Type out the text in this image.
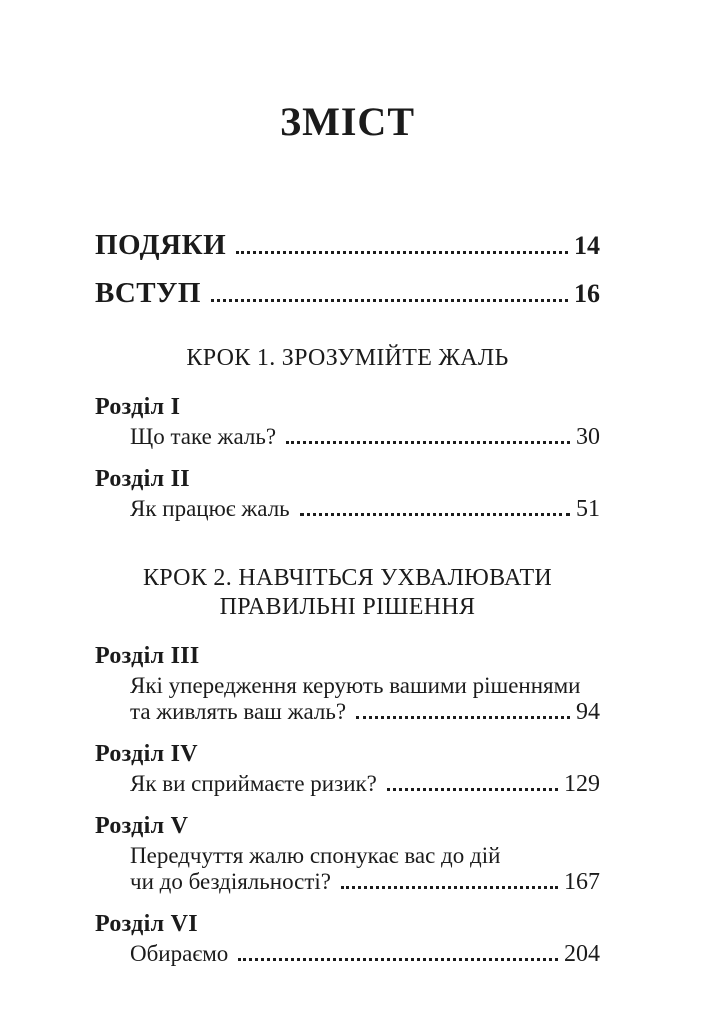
ЗМІСТ
ПОДЯКИ	14
ВСТУП	16
КРОК 1. ЗРОЗУМІЙТЕ ЖАЛЬ
Розділ I
Що таке жаль?	30
Розділ II
Як працює жаль	51
КРОК 2. НАВЧІТЬСЯ УХВАЛЮВАТИ
ПРАВИЛЬНІ РІШЕННЯ
Розділ III
Які упередження керують вашими рішеннями
та живлять ваш жаль?	94
Розділ IV
Як ви сприймаєте ризик?	129
Розділ V
Передчуття жалю спонукає вас до дій
чи до бездіяльності?	167
Розділ VI
Обираємо	204
